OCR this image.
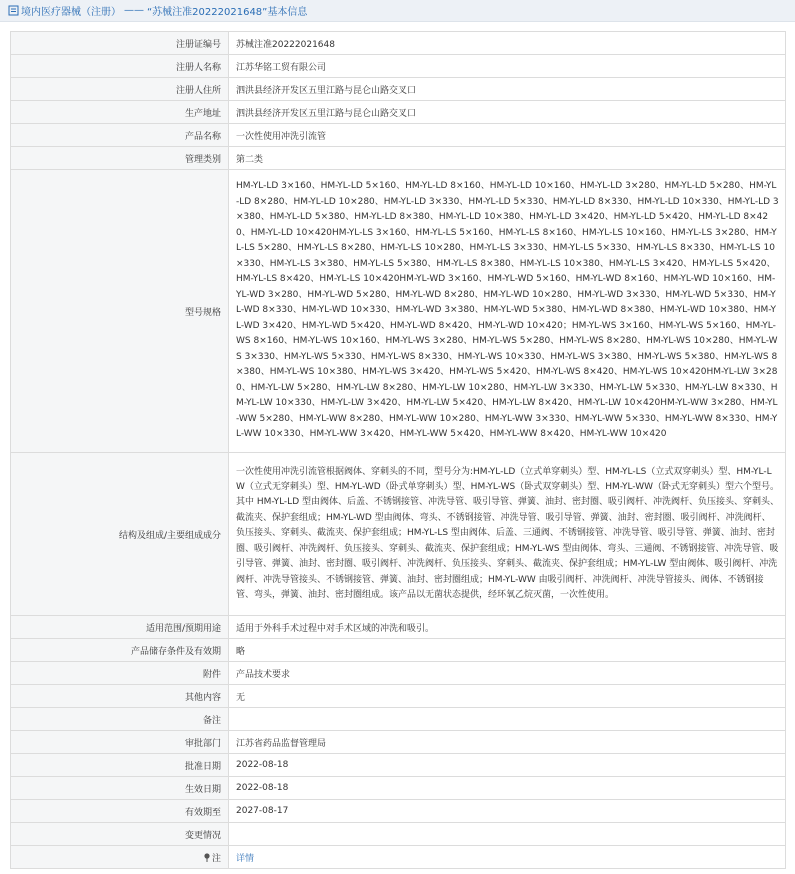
境内医疗器械（注册） —— “苏械注准20222021648”基本信息
注册证编号	苏械注准20222021648
注册人名称	江苏华铭工贸有限公司
注册人住所	泗洪县经济开发区五里江路与昆仑山路交叉口
生产地址	泗洪县经济开发区五里江路与昆仑山路交叉口
产品名称	一次性使用冲洗引流管
管理类别	第二类
型号规格	HM-YL-LD 3×160、HM-YL-LD 5×160、HM-YL-LD 8×160、HM-YL-LD 10×160、HM-YL-LD 3×280、HM-YL-LD 5×280、HM-YL-LD 8×280、HM-YL-LD 10×280、HM-YL-LD 3×330、HM-YL-LD 5×330、HM-YL-LD 8×330、HM-YL-LD 10×330、HM-YL-LD 3×380、HM-YL-LD 5×380、HM-YL-LD 8×380、HM-YL-LD 10×380、HM-YL-LD 3×420、HM-YL-LD 5×420、HM-YL-LD 8×420、HM-YL-LD 10×420HM-YL-LS 3×160、HM-YL-LS 5×160、HM-YL-LS 8×160、HM-YL-LS 10×160、HM-YL-LS 3×280、HM-YL-LS 5×280、HM-YL-LS 8×280、HM-YL-LS 10×280、HM-YL-LS 3×330、HM-YL-LS 5×330、HM-YL-LS 8×330、HM-YL-LS 10×330、HM-YL-LS 3×380、HM-YL-LS 5×380、HM-YL-LS 8×380、HM-YL-LS 10×380、HM-YL-LS 3×420、HM-YL-LS 5×420、HM-YL-LS 8×420、HM-YL-LS 10×420HM-YL-WD 3×160、HM-YL-WD 5×160、HM-YL-WD 8×160、HM-YL-WD 10×160、HM-YL-WD 3×280、HM-YL-WD 5×280、HM-YL-WD 8×280、HM-YL-WD 10×280、HM-YL-WD 3×330、HM-YL-WD 5×330、HM-YL-WD 8×330、HM-YL-WD 10×330、HM-YL-WD 3×380、HM-YL-WD 5×380、HM-YL-WD 8×380、HM-YL-WD 10×380、HM-YL-WD 3×420、HM-YL-WD 5×420、HM-YL-WD 8×420、HM-YL-WD 10×420；HM-YL-WS 3×160、HM-YL-WS 5×160、HM-YL-WS 8×160、HM-YL-WS 10×160、HM-YL-WS 3×280、HM-YL-WS 5×280、HM-YL-WS 8×280、HM-YL-WS 10×280、HM-YL-WS 3×330、HM-YL-WS 5×330、HM-YL-WS 8×330、HM-YL-WS 10×330、HM-YL-WS 3×380、HM-YL-WS 5×380、HM-YL-WS 8×380、HM-YL-WS 10×380、HM-YL-WS 3×420、HM-YL-WS 5×420、HM-YL-WS 8×420、HM-YL-WS 10×420HM-YL-LW 3×280、HM-YL-LW 5×280、HM-YL-LW 8×280、HM-YL-LW 10×280、HM-YL-LW 3×330、HM-YL-LW 5×330、HM-YL-LW 8×330、HM-YL-LW 10×330、HM-YL-LW 3×420、HM-YL-LW 5×420、HM-YL-LW 8×420、HM-YL-LW 10×420HM-YL-WW 3×280、HM-YL-WW 5×280、HM-YL-WW 8×280、HM-YL-WW 10×280、HM-YL-WW 3×330、HM-YL-WW 5×330、HM-YL-WW 8×330、HM-YL-WW 10×330、HM-YL-WW 3×420、HM-YL-WW 5×420、HM-YL-WW 8×420、HM-YL-WW 10×420
结构及组成/主要组成成分	一次性使用冲洗引流管根据阀体、穿刺头的不同，型号分为:HM-YL-LD（立式单穿刺头）型、HM-YL-LS（立式双穿刺头）型、HM-YL-LW（立式无穿刺头）型、HM-YL-WD（卧式单穿刺头）型、HM-YL-WS（卧式双穿刺头）型、HM-YL-WW（卧式无穿刺头）型六个型号。其中 HM-YL-LD 型由阀体、后盖、不锈钢接管、冲洗导管、吸引导管、弹簧、油封、密封圈、吸引阀杆、冲洗阀杆、负压接头、穿刺头、截流夹、保护套组成；HM-YL-WD 型由阀体、弯头、不锈钢接管、冲洗导管、吸引导管、弹簧、油封、密封圈、吸引阀杆、冲洗阀杆、负压接头、穿刺头、截流夹、保护套组成；HM-YL-LS 型由阀体、后盖、三通阀、不锈钢接管、冲洗导管、吸引导管、弹簧、油封、密封圈、吸引阀杆、冲洗阀杆、负压接头、穿刺头、截流夹、保护套组成；HM-YL-WS 型由阀体、弯头、三通阀、不锈钢接管、冲洗导管、吸引导管、弹簧、油封、密封圈、吸引阀杆、冲洗阀杆、负压接头、穿刺头、截流夹、保护套组成；HM-YL-LW 型由阀体、吸引阀杆、冲洗阀杆、冲洗导管接头、不锈钢接管、弹簧、油封、密封圈组成；HM-YL-WW 由吸引阀杆、冲洗阀杆、冲洗导管接头、阀体、不锈钢接管、弯头，弹簧、油封、密封圈组成。该产品以无菌状态提供，经环氧乙烷灭菌，一次性使用。
适用范围/预期用途	适用于外科手术过程中对手术区域的冲洗和吸引。
产品储存条件及有效期	略
附件	产品技术要求
其他内容	无
备注	
审批部门	江苏省药品监督管理局
批准日期	2022-08-18
生效日期	2022-08-18
有效期至	2027-08-17
变更情况	
注	详情
